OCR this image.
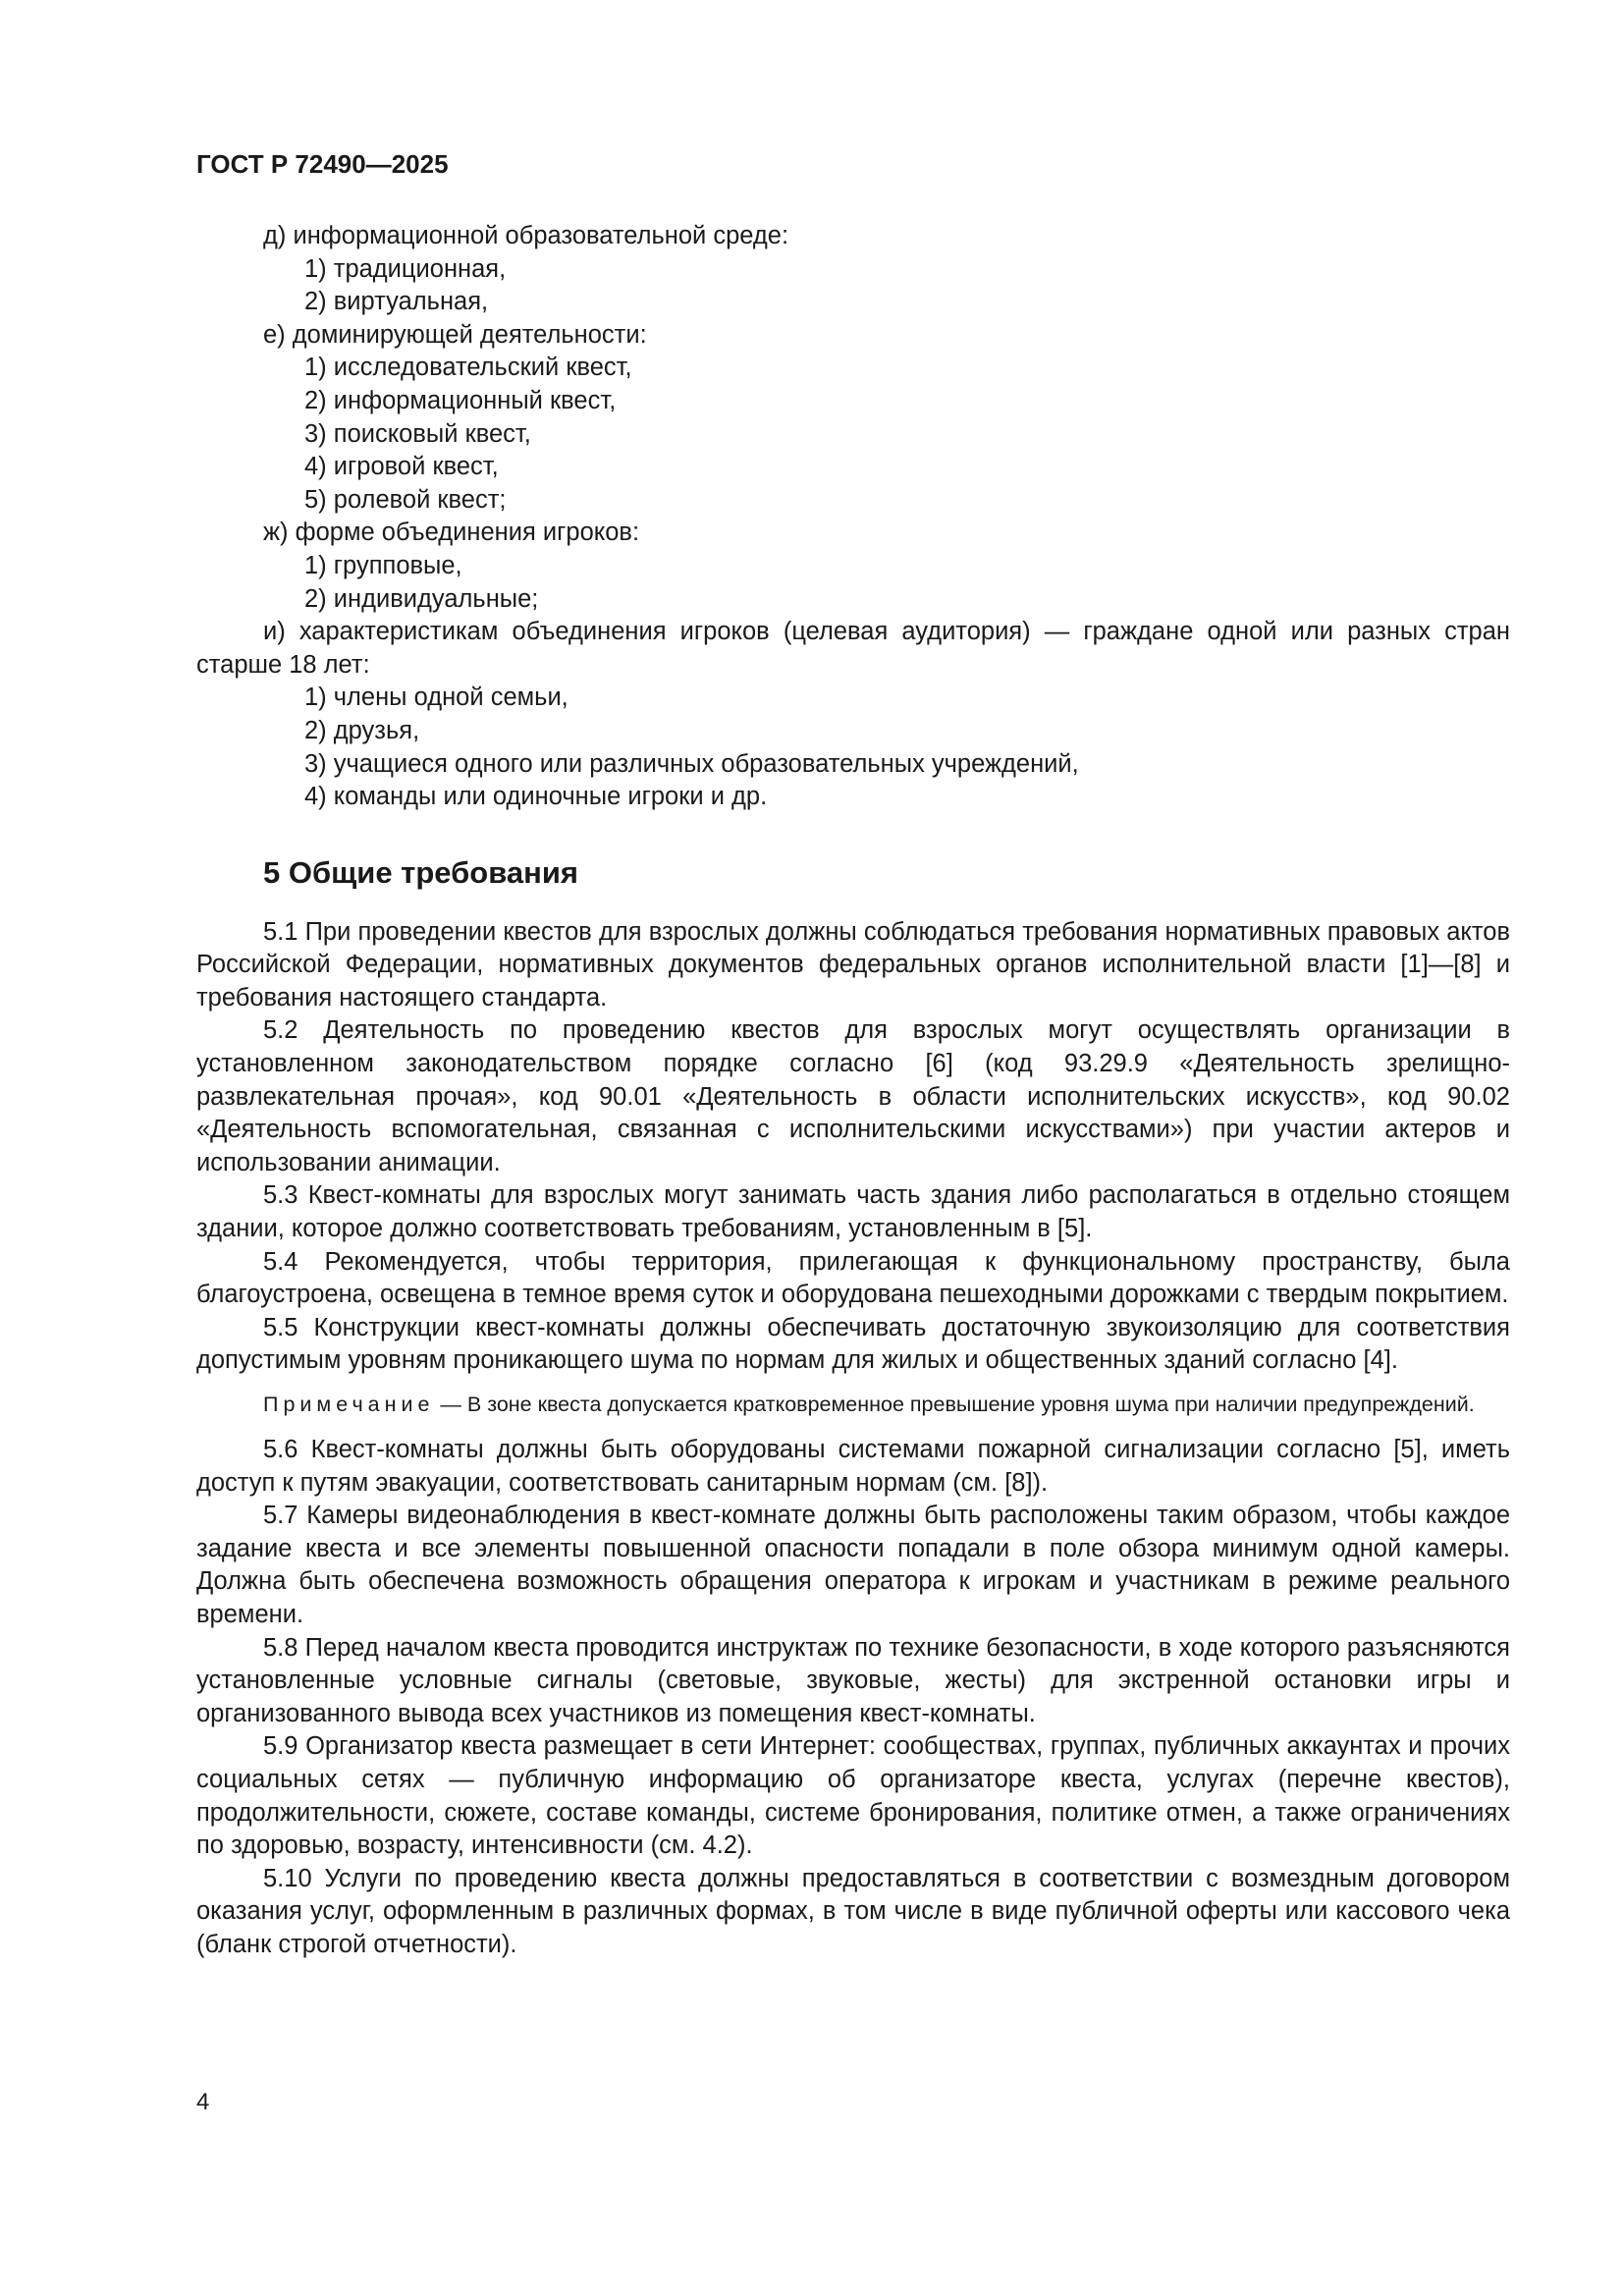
ГОСТ Р 72490—2025
д) информационной образовательной среде:
1) традиционная,
2) виртуальная,
е) доминирующей деятельности:
1) исследовательский квест,
2) информационный квест,
3) поисковый квест,
4) игровой квест,
5) ролевой квест;
ж) форме объединения игроков:
1) групповые,
2) индивидуальные;
и) характеристикам объединения игроков (целевая аудитория) — граждане одной или разных стран старше 18 лет:
1) члены одной семьи,
2) друзья,
3) учащиеся одного или различных образовательных учреждений,
4) команды или одиночные игроки и др.
5 Общие требования

5.1 При проведении квестов для взрослых должны соблюдаться требования нормативных правовых актов Российской Федерации, нормативных документов федеральных органов исполнительной власти [1]—[8] и требования настоящего стандарта.

5.2 Деятельность по проведению квестов для взрослых могут осуществлять организации в установленном законодательством порядке согласно [6] (код 93.29.9 «Деятельность зрелищно-развлекательная прочая», код 90.01 «Деятельность в области исполнительских искусств», код 90.02 «Деятельность вспомогательная, связанная с исполнительскими искусствами») при участии актеров и использовании анимации.

5.3 Квест-комнаты для взрослых могут занимать часть здания либо располагаться в отдельно стоящем здании, которое должно соответствовать требованиям, установленным в [5].

5.4 Рекомендуется, чтобы территория, прилегающая к функциональному пространству, была благоустроена, освещена в темное время суток и оборудована пешеходными дорожками с твердым покрытием.

5.5 Конструкции квест-комнаты должны обеспечивать достаточную звукоизоляцию для соответствия допустимым уровням проникающего шума по нормам для жилых и общественных зданий согласно [4].

Примечание — В зоне квеста допускается кратковременное превышение уровня шума при наличии предупреждений.

5.6 Квест-комнаты должны быть оборудованы системами пожарной сигнализации согласно [5], иметь доступ к путям эвакуации, соответствовать санитарным нормам (см. [8]).

5.7 Камеры видеонаблюдения в квест-комнате должны быть расположены таким образом, чтобы каждое задание квеста и все элементы повышенной опасности попадали в поле обзора минимум одной камеры. Должна быть обеспечена возможность обращения оператора к игрокам и участникам в режиме реального времени.

5.8 Перед началом квеста проводится инструктаж по технике безопасности, в ходе которого разъясняются установленные условные сигналы (световые, звуковые, жесты) для экстренной остановки игры и организованного вывода всех участников из помещения квест-комнаты.

5.9 Организатор квеста размещает в сети Интернет: сообществах, группах, публичных аккаунтах и прочих социальных сетях — публичную информацию об организаторе квеста, услугах (перечне квестов), продолжительности, сюжете, составе команды, системе бронирования, политике отмен, а также ограничениях по здоровью, возрасту, интенсивности (см. 4.2).

5.10 Услуги по проведению квеста должны предоставляться в соответствии с возмездным договором оказания услуг, оформленным в различных формах, в том числе в виде публичной оферты или кассового чека (бланк строгой отчетности).

4
